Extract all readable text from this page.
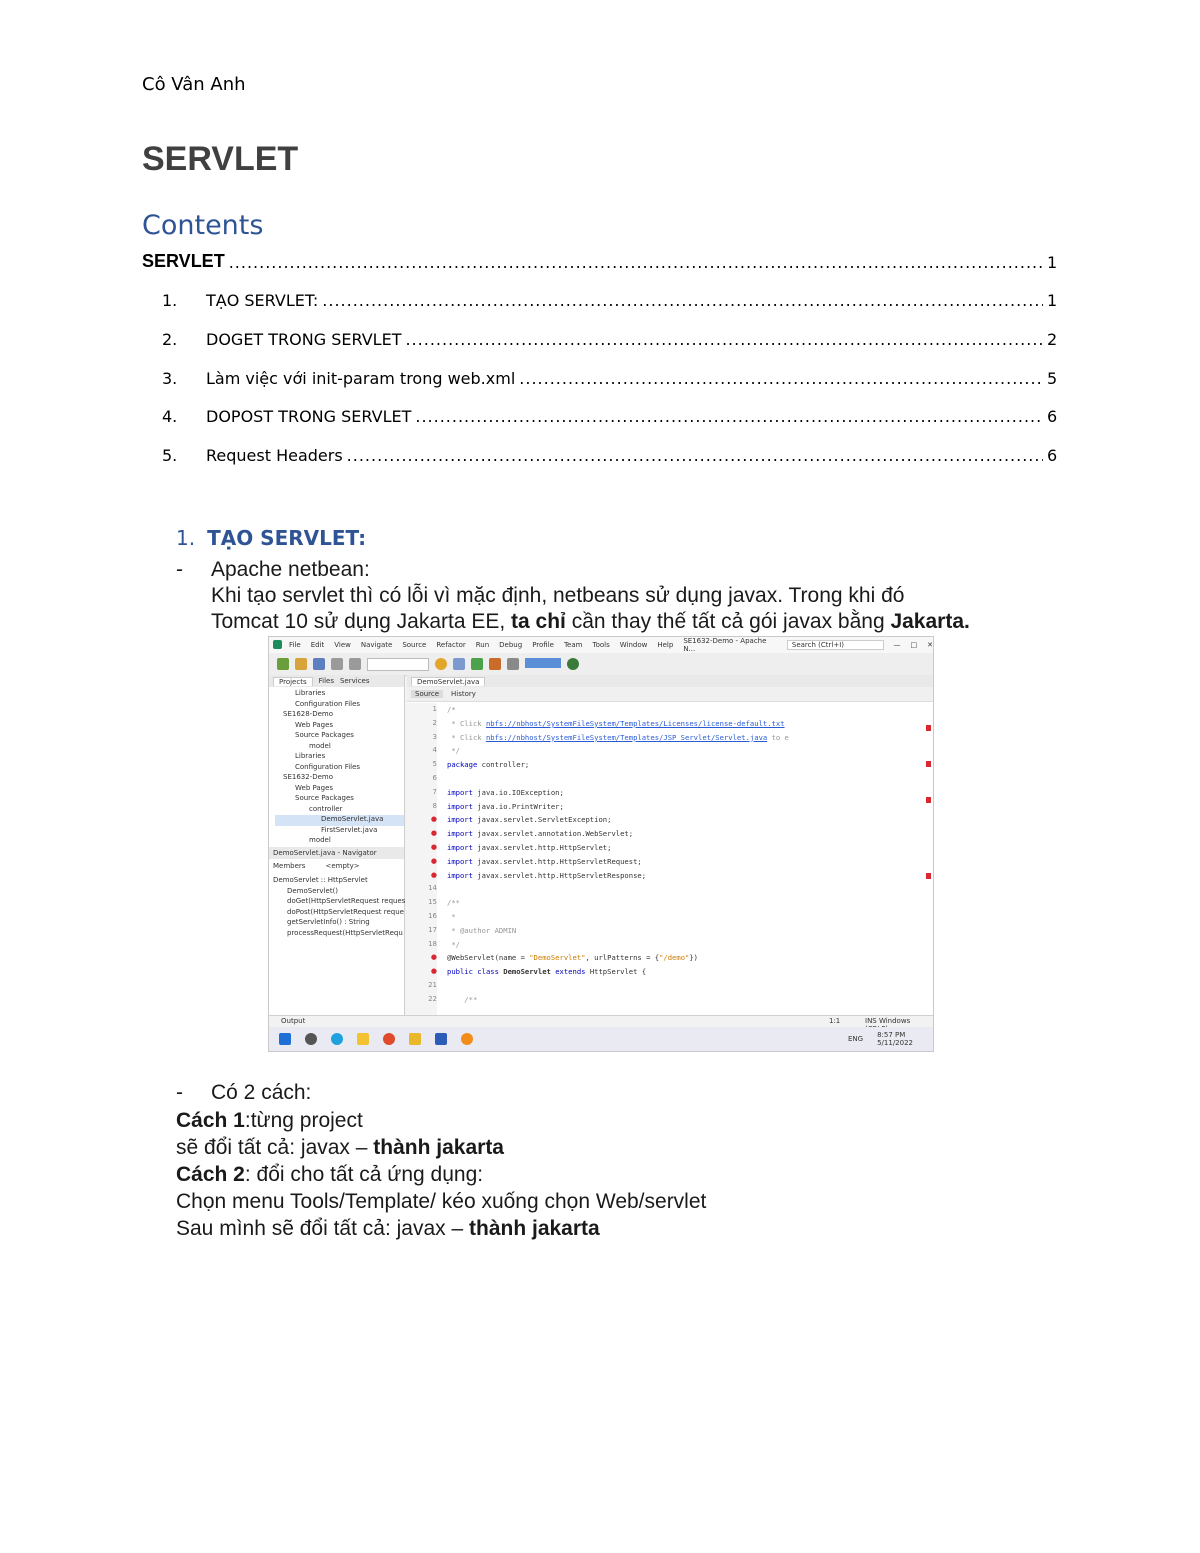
Cô Vân Anh
SERVLET
Contents
SERVLET .....	1
1.	TẠO SERVLET: .....	1
2.	DOGET TRONG SERVLET .....	2
3.	Làm việc với init-param trong web.xml .....	5
4.	DOPOST TRONG SERVLET .....	6
5.	Request Headers .....	6
1. TẠO SERVLET:
- Apache netbean:
Khi tạo servlet thì có lỗi vì mặc định, netbeans sử dụng javax. Trong khi đó
Tomcat 10 sử dụng Jakarta EE, ta chỉ cần thay thế tất cả gói javax bằng Jakarta.
File Edit View Navigate Source Refactor Run Debug Profile Team Tools Window Help SE1632-Demo - Apache N...	Search (Ctrl+I)	— □ ✕
Projects	Files Services
Libraries
Configuration Files
SE1628-Demo
Web Pages
Source Packages
model
Libraries
Configuration Files
SE1632-Demo
Web Pages
Source Packages
controller
DemoServlet.java
FirstServlet.java
model
DemoServlet.java - Navigator
Members	<empty>
DemoServlet :: HttpServlet
DemoServlet()
doGet(HttpServletRequest reques
doPost(HttpServletRequest reque
getServletInfo() : String
processRequest(HttpServletRequ
DemoServlet.java
Source	History
1
2
3
4
5
6
7
8
●
●
●
●
●
14
15
16
17
18
●
●
21
22
/*
* Click nbfs://nbhost/SystemFileSystem/Templates/Licenses/license-default.txt
* Click nbfs://nbhost/SystemFileSystem/Templates/JSP_Servlet/Servlet.java to e
*/
package controller;

import java.io.IOException;
import java.io.PrintWriter;
import javax.servlet.ServletException;
import javax.servlet.annotation.WebServlet;
import javax.servlet.http.HttpServlet;
import javax.servlet.http.HttpServletRequest;
import javax.servlet.http.HttpServletResponse;

/**
*
* @author ADMIN
*/
@WebServlet(name = "DemoServlet", urlPatterns = {"/demo"})
public class DemoServlet extends HttpServlet {

/**
Output	1:1	INS Windows
ENG 8:57 PM
5/11/2022
- Có 2 cách:
Cách 1:từng project
sẽ đổi tất cả: javax – thành jakarta
Cách 2: đổi cho tất cả ứng dụng:
Chọn menu Tools/Template/ kéo xuống chọn Web/servlet
Sau mình sẽ đổi tất cả: javax – thành jakarta
